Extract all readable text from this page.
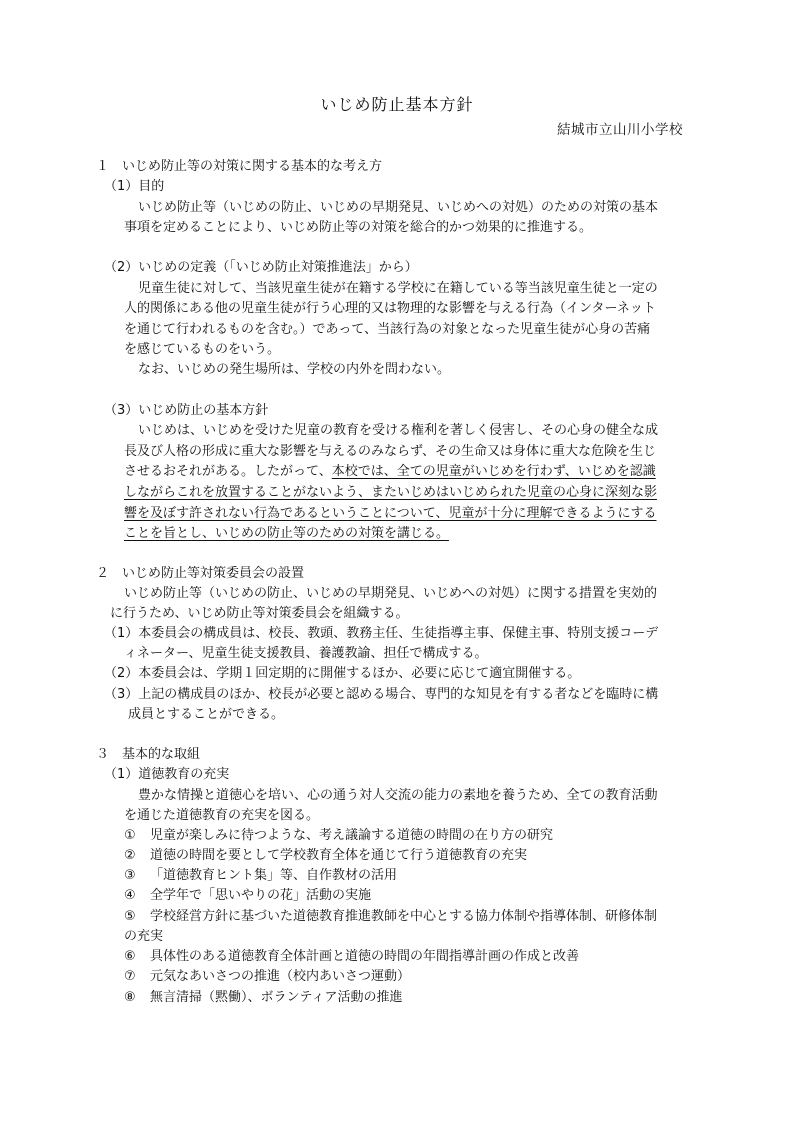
いじめ防止基本方針
結城市立山川小学校
１　いじめ防止等の対策に関する基本的な考え方
（1）目的
いじめ防止等（いじめの防止、いじめの早期発見、いじめへの対処）のための対策の基本
事項を定めることにより、いじめ防止等の対策を総合的かつ効果的に推進する。
（2）いじめの定義（「いじめ防止対策推進法」から）
児童生徒に対して、当該児童生徒が在籍する学校に在籍している等当該児童生徒と一定の
人的関係にある他の児童生徒が行う心理的又は物理的な影響を与える行為（インターネット
を通じて行われるものを含む。）であって、当該行為の対象となった児童生徒が心身の苦痛
を感じているものをいう。
なお、いじめの発生場所は、学校の内外を問わない。
（3）いじめ防止の基本方針
いじめは、いじめを受けた児童の教育を受ける権利を著しく侵害し、その心身の健全な成
長及び人格の形成に重大な影響を与えるのみならず、その生命又は身体に重大な危険を生じ
させるおそれがある。したがって、本校では、全ての児童がいじめを行わず、いじめを認識
しながらこれを放置することがないよう、またいじめはいじめられた児童の心身に深刻な影
響を及ぼす許されない行為であるということについて、児童が十分に理解できるようにする
ことを旨とし、いじめの防止等のための対策を講じる。
２　いじめ防止等対策委員会の設置
いじめ防止等（いじめの防止、いじめの早期発見、いじめへの対処）に関する措置を実効的
に行うため、いじめ防止等対策委員会を組織する。
（1）本委員会の構成員は、校長、教頭、教務主任、生徒指導主事、保健主事、特別支援コーデ
ィネーター、児童生徒支援教員、養護教諭、担任で構成する。
（2）本委員会は、学期１回定期的に開催するほか、必要に応じて適宜開催する。
（3）上記の構成員のほか、校長が必要と認める場合、専門的な知見を有する者などを臨時に構
成員とすることができる。
３　基本的な取組
（1）道徳教育の充実
豊かな情操と道徳心を培い、心の通う対人交流の能力の素地を養うため、全ての教育活動
を通じた道徳教育の充実を図る。
① 児童が楽しみに待つような、考え議論する道徳の時間の在り方の研究
② 道徳の時間を要として学校教育全体を通じて行う道徳教育の充実
③ 「道徳教育ヒント集」等、自作教材の活用
④ 全学年で「思いやりの花」活動の実施
⑤ 学校経営方針に基づいた道徳教育推進教師を中心とする協力体制や指導体制、研修体制
の充実
⑥ 具体性のある道徳教育全体計画と道徳の時間の年間指導計画の作成と改善
⑦ 元気なあいさつの推進（校内あいさつ運動）
⑧ 無言清掃（黙働）、ボランティア活動の推進
